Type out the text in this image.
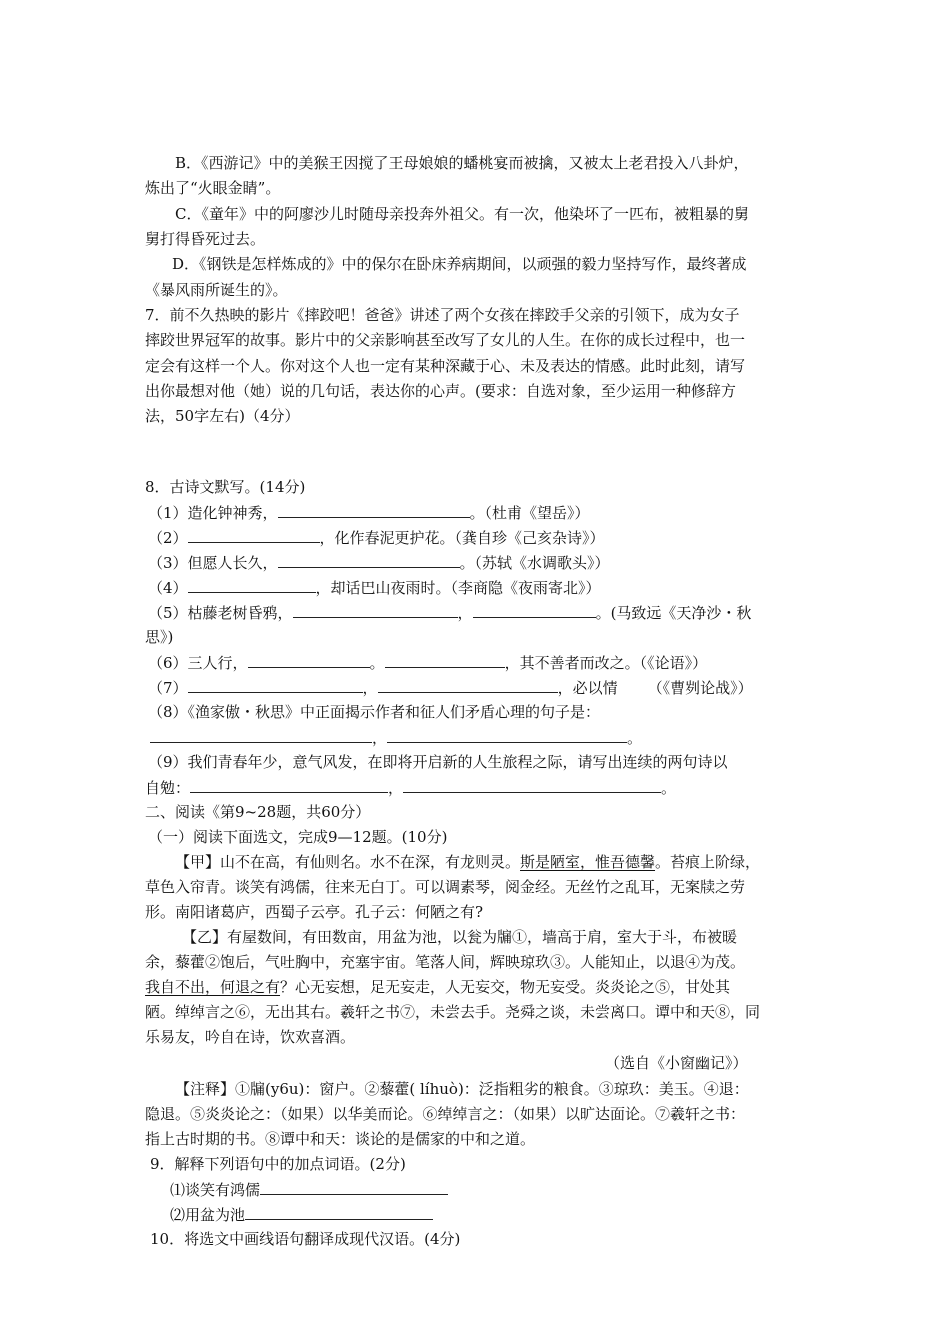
B．《西游记》中的美猴王因搅了王母娘娘的蟠桃宴而被擒，又被太上老君投入八卦炉，
炼出了“火眼金睛”。
C．《童年》中的阿廖沙儿时随母亲投奔外祖父。有一次，他染坏了一匹布，被粗暴的舅
舅打得昏死过去。
D．《钢铁是怎样炼成的》中的保尔在卧床养病期间，以顽强的毅力坚持写作，最终著成
《暴风雨所诞生的》。
7．前不久热映的影片《摔跤吧！爸爸》讲述了两个女孩在摔跤手父亲的引领下，成为女子
摔跤世界冠军的故事。影片中的父亲影响甚至改写了女儿的人生。在你的成长过程中，也一
定会有这样一个人。你对这个人也一定有某种深藏于心、未及表达的情感。此时此刻，请写
出你最想对他（她）说的几句话，表达你的心声。(要求：自选对象，至少运用一种修辞方
法，50字左右)（4分）
8．古诗文默写。(14分)
（1）造化钟神秀，	。（杜甫《望岳》）
（2）	，化作春泥更护花。（龚自珍《己亥杂诗》）
（3）但愿人长久，	。（苏轼《水调歌头》）
（4）	，却话巴山夜雨时。（李商隐《夜雨寄北》）
（5）枯藤老树昏鸦，	，	。(马致远《天净沙・秋
思》)
（6）三人行，	。	，其不善者而改之。（《论语》）
（7）	，	，必以情 （《曹刿论战》）
（8）《渔家傲・秋思》中正面揭示作者和征人们矛盾心理的句子是：
，	。
（9）我们青春年少，意气风发，在即将开启新的人生旅程之际，请写出连续的两句诗以
自勉：	，	。
二、阅读《第9~28题，共60分）
（一）阅读下面选文，完成9—12题。(10分)
【甲】山不在高，有仙则名。水不在深，有龙则灵。斯是陋室，惟吾德馨。苔痕上阶绿，
草色入帘青。谈笑有鸿儒，往来无白丁。可以调素琴，阅金经。无丝竹之乱耳，无案牍之劳
形。南阳诸葛庐，西蜀子云亭。孔子云：何陋之有?
【乙】有屋数间，有田数亩，用盆为池，以瓮为牖①，墙高于肩，室大于斗，布被暖
余，藜藿②饱后，气吐胸中，充塞宇宙。笔落人间，辉映琼玖③。人能知止，以退④为茂。
我自不出，何退之有？心无妄想，足无妄走，人无妄交，物无妄受。炎炎论之⑤，甘处其
陋。绰绰言之⑥，无出其右。羲轩之书⑦，未尝去手。尧舜之谈，未尝离口。谭中和天⑧，同
乐易友，吟自在诗，饮欢喜酒。
（选自《小窗幽记》）
【注释】①牖(y6u)：窗户。②藜藿( líhuò)：泛指粗劣的粮食。③琼玖：美玉。④退：
隐退。⑤炎炎论之：（如果）以华美而论。⑥绰绰言之：（如果）以旷达面论。⑦羲轩之书：
指上古时期的书。⑧谭中和天：谈论的是儒家的中和之道。
9．解释下列语句中的加点词语。(2分)
⑴谈笑有鸿儒
⑵用盆为池
10．将选文中画线语句翻译成现代汉语。(4分)
